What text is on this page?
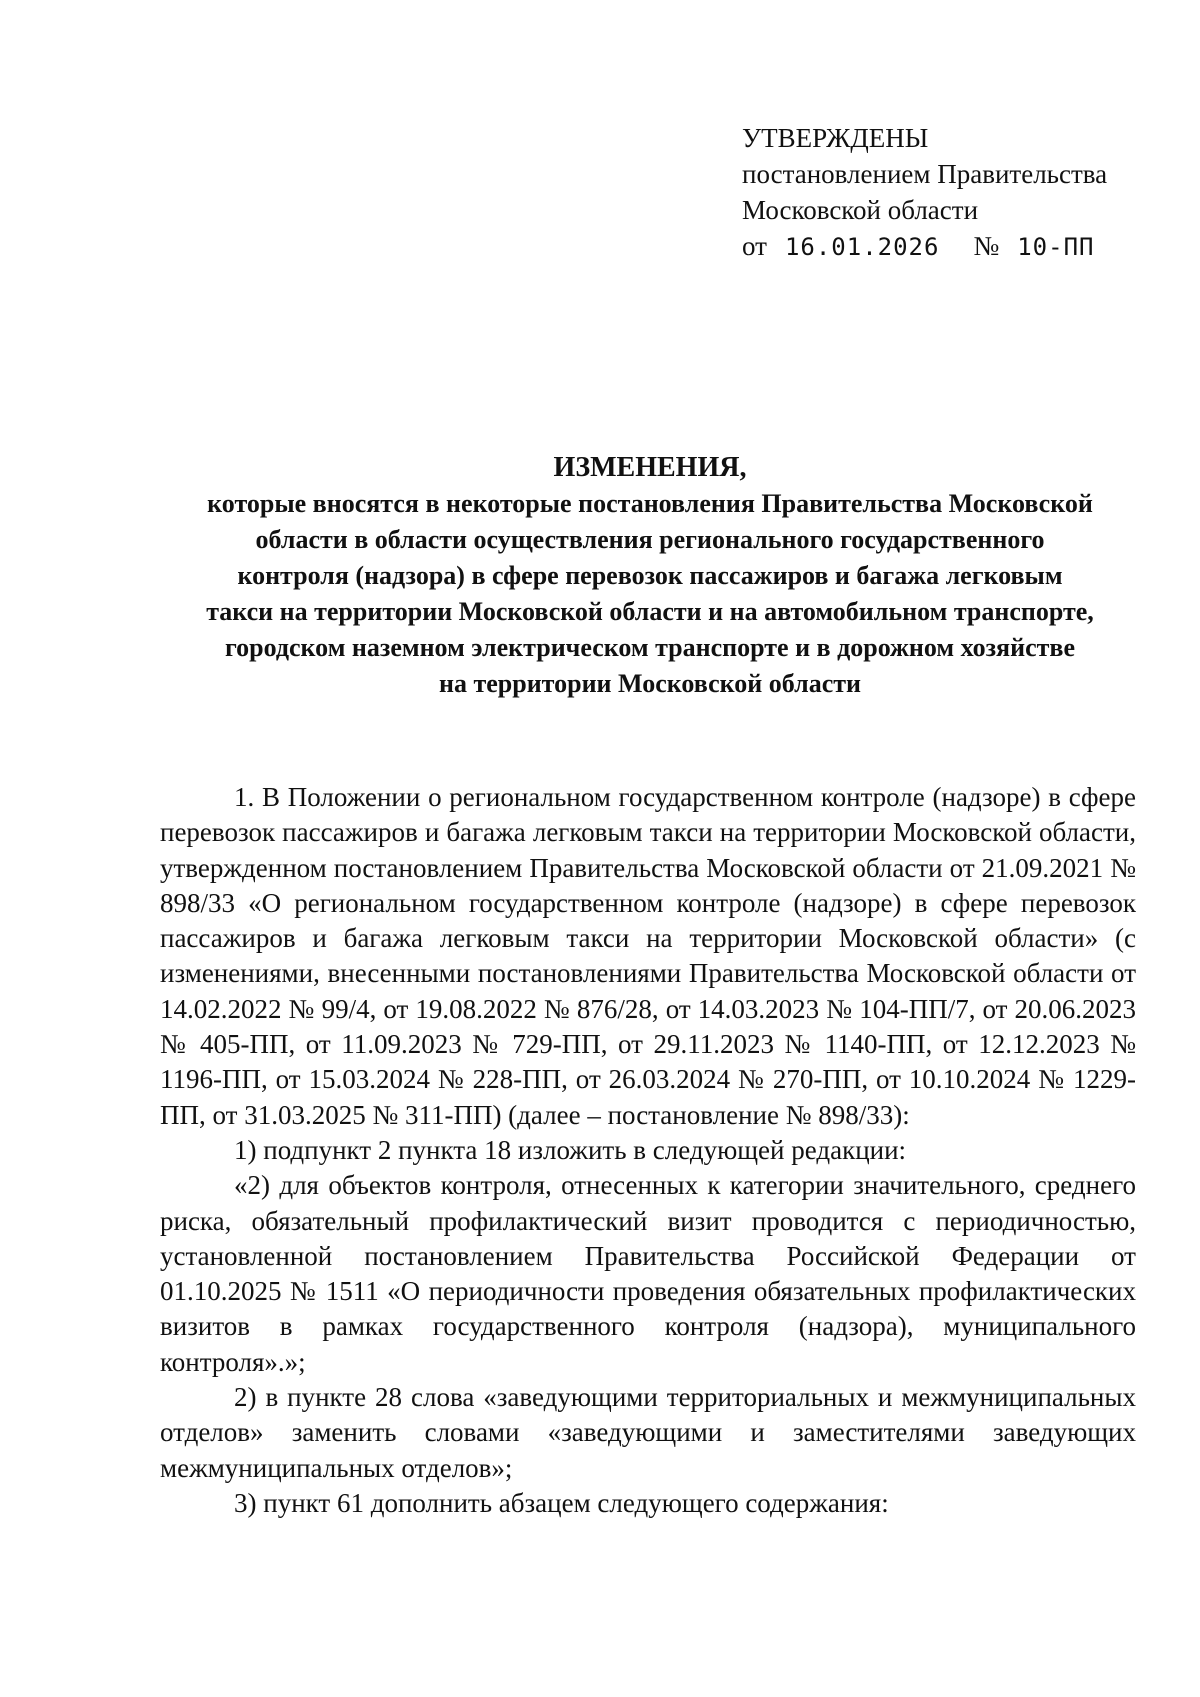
УТВЕРЖДЕНЫ
постановлением Правительства
Московской области
от 16.01.2026 № 10-ПП
ИЗМЕНЕНИЯ,
которые вносятся в некоторые постановления Правительства Московской
области в области осуществления регионального государственного
контроля (надзора) в сфере перевозок пассажиров и багажа легковым
такси на территории Московской области и на автомобильном транспорте,
городском наземном электрическом транспорте и в дорожном хозяйстве
на территории Московской области

1. В Положении о региональном государственном контроле (надзоре) в сфере перевозок пассажиров и багажа легковым такси на территории Московской области, утвержденном постановлением Правительства Московской области от 21.09.2021 № 898/33 «О региональном государственном контроле (надзоре) в сфере перевозок пассажиров и багажа легковым такси на территории Московской области» (с изменениями, внесенными постановлениями Правительства Московской области от 14.02.2022 № 99/4, от 19.08.2022 № 876/28, от 14.03.2023 № 104-ПП/7, от 20.06.2023 № 405-ПП, от 11.09.2023 № 729-ПП, от 29.11.2023 № 1140-ПП, от 12.12.2023 № 1196-ПП, от 15.03.2024 № 228-ПП, от 26.03.2024 № 270-ПП, от 10.10.2024 № 1229-ПП, от 31.03.2025 № 311-ПП) (далее – постановление № 898/33):

1) подпункт 2 пункта 18 изложить в следующей редакции:

«2) для объектов контроля, отнесенных к категории значительного, среднего риска, обязательный профилактический визит проводится с периодичностью, установленной постановлением Правительства Российской Федерации от 01.10.2025 № 1511 «О периодичности проведения обязательных профилактических визитов в рамках государственного контроля (надзора), муниципального контроля».»;

2) в пункте 28 слова «заведующими территориальных и межмуниципальных отделов» заменить словами «заведующими и заместителями заведующих межмуниципальных отделов»;

3) пункт 61 дополнить абзацем следующего содержания:
